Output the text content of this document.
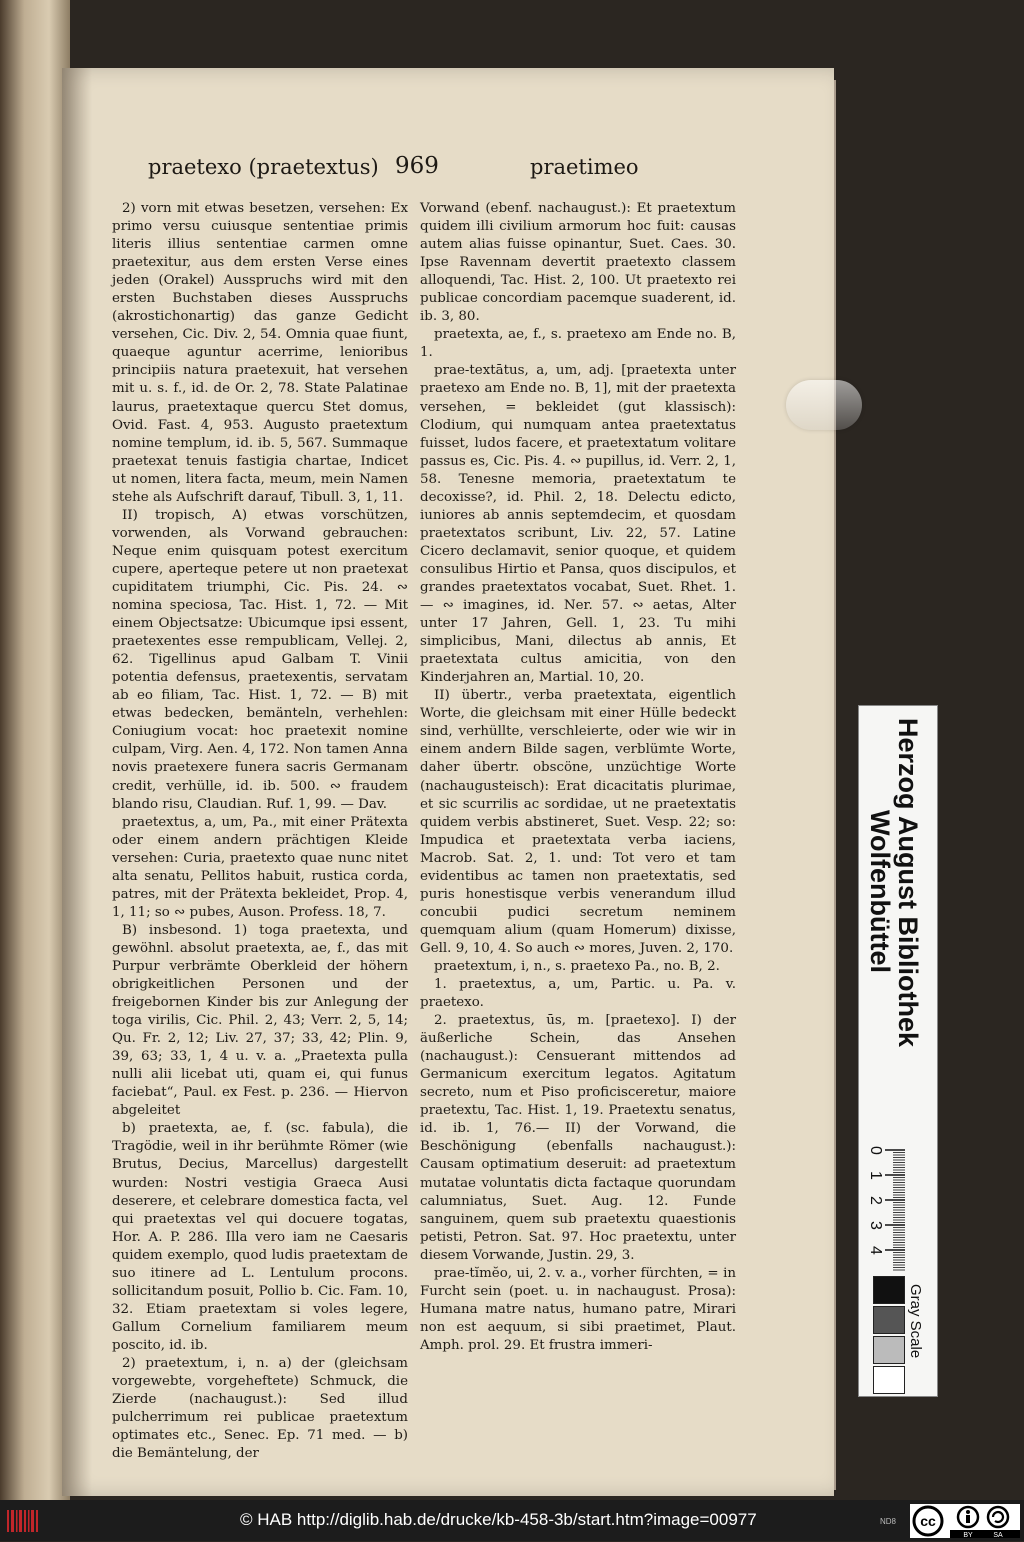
praetexo (praetextus) 969	praetimeo

2) vorn mit etwas besetzen, versehen: Ex primo versu cuiusque sententiae primis literis illius sententiae carmen omne praetexitur, aus dem ersten Verse eines jeden (Orakel) Ausspruchs wird mit den ersten Buchstaben dieses Ausspruchs (akrostichonartig) das ganze Gedicht versehen, Cic. Div. 2, 54. Omnia quae fiunt, quaeque aguntur acerrime, lenioribus principiis natura praetexuit, hat versehen mit u. s. f., id. de Or. 2, 78. State Palatinae laurus, praetextaque quercu Stet domus, Ovid. Fast. 4, 953. Augusto praetextum nomine templum, id. ib. 5, 567. Summaque praetexat tenuis fastigia chartae, Indicet ut nomen, litera facta, meum, mein Namen stehe als Aufschrift darauf, Tibull. 3, 1, 11.

II) tropisch, A) etwas vorschützen, vorwenden, als Vorwand gebrauchen: Neque enim quisquam potest exercitum cupere, aperteque petere ut non praetexat cupiditatem triumphi, Cic. Pis. 24. ∾ nomina speciosa, Tac. Hist. 1, 72. — Mit einem Objectsatze: Ubicumque ipsi essent, praetexentes esse rempublicam, Vellej. 2, 62. Tigellinus apud Galbam T. Vinii potentia defensus, praetexentis, servatam ab eo filiam, Tac. Hist. 1, 72. — B) mit etwas bedecken, bemänteln, verhehlen: Coniugium vocat: hoc praetexit nomine culpam, Virg. Aen. 4, 172. Non tamen Anna novis praetexere funera sacris Germanam credit, verhülle, id. ib. 500. ∾ fraudem blando risu, Claudian. Ruf. 1, 99. — Dav.

praetextus, a, um, Pa., mit einer Prätexta oder einem andern prächtigen Kleide versehen: Curia, praetexto quae nunc nitet alta senatu, Pellitos habuit, rustica corda, patres, mit der Prätexta bekleidet, Prop. 4, 1, 11; so ∾ pubes, Auson. Profess. 18, 7.

B) insbesond. 1) toga praetexta, und gewöhnl. absolut praetexta, ae, f., das mit Purpur verbrämte Oberkleid der höhern obrigkeitlichen Personen und der freigebornen Kinder bis zur Anlegung der toga virilis, Cic. Phil. 2, 43; Verr. 2, 5, 14; Qu. Fr. 2, 12; Liv. 27, 37; 33, 42; Plin. 9, 39, 63; 33, 1, 4 u. v. a. „Praetexta pulla nulli alii licebat uti, quam ei, qui funus faciebat“, Paul. ex Fest. p. 236. — Hiervon abgeleitet

b) praetexta, ae, f. (sc. fabula), die Tragödie, weil in ihr berühmte Römer (wie Brutus, Decius, Marcellus) dargestellt wurden: Nostri vestigia Graeca Ausi deserere, et celebrare domestica facta, vel qui praetextas vel qui docuere togatas, Hor. A. P. 286. Illa vero iam ne Caesaris quidem exemplo, quod ludis praetextam de suo itinere ad L. Lentulum procons. sollicitandum posuit, Pollio b. Cic. Fam. 10, 32. Etiam praetextam si voles legere, Gallum Cornelium familiarem meum poscito, id. ib.

2) praetextum, i, n. a) der (gleichsam vorgewebte, vorgeheftete) Schmuck, die Zierde (nachaugust.): Sed illud pulcherrimum rei publicae praetextum optimates etc., Senec. Ep. 71 med. — b) die Bemäntelung, der

Vorwand (ebenf. nachaugust.): Et praetextum quidem illi civilium armorum hoc fuit: causas autem alias fuisse opinantur, Suet. Caes. 30. Ipse Ravennam devertit praetexto classem alloquendi, Tac. Hist. 2, 100. Ut praetexto rei publicae concordiam pacemque suaderent, id. ib. 3, 80.

praetexta, ae, f., s. praetexo am Ende no. B, 1.

prae-textātus, a, um, adj. [praetexta unter praetexo am Ende no. B, 1], mit der praetexta versehen, = bekleidet (gut klassisch): Clodium, qui numquam antea praetextatus fuisset, ludos facere, et praetextatum volitare passus es, Cic. Pis. 4. ∾ pupillus, id. Verr. 2, 1, 58. Tenesne memoria, praetextatum te decoxisse?, id. Phil. 2, 18. Delectu edicto, iuniores ab annis septemdecim, et quosdam praetextatos scribunt, Liv. 22, 57. Latine Cicero declamavit, senior quoque, et quidem consulibus Hirtio et Pansa, quos discipulos, et grandes praetextatos vocabat, Suet. Rhet. 1. — ∾ imagines, id. Ner. 57. ∾ aetas, Alter unter 17 Jahren, Gell. 1, 23. Tu mihi simplicibus, Mani, dilectus ab annis, Et praetextata cultus amicitia, von den Kinderjahren an, Martial. 10, 20.

II) übertr., verba praetextata, eigentlich Worte, die gleichsam mit einer Hülle bedeckt sind, verhüllte, verschleierte, oder wie wir in einem andern Bilde sagen, verblümte Worte, daher übertr. obscöne, unzüchtige Worte (nachaugusteisch): Erat dicacitatis plurimae, et sic scurrilis ac sordidae, ut ne praetextatis quidem verbis abstineret, Suet. Vesp. 22; so: Impudica et praetextata verba iaciens, Macrob. Sat. 2, 1. und: Tot vero et tam evidentibus ac tamen non praetextatis, sed puris honestisque verbis venerandum illud concubii pudici secretum neminem quemquam alium (quam Homerum) dixisse, Gell. 9, 10, 4. So auch ∾ mores, Juven. 2, 170.

praetextum, i, n., s. praetexo Pa., no. B, 2.

1. praetextus, a, um, Partic. u. Pa. v. praetexo.

2. praetextus, ūs, m. [praetexo]. I) der äußerliche Schein, das Ansehen (nachaugust.): Censuerant mittendos ad Germanicum exercitum legatos. Agitatum secreto, num et Piso proficisceretur, maiore praetextu, Tac. Hist. 1, 19. Praetextu senatus, id. ib. 1, 76.— II) der Vorwand, die Beschönigung (ebenfalls nachaugust.): Causam optimatium deseruit: ad praetextum mutatae voluntatis dicta factaque quorundam calumniatus, Suet. Aug. 12. Funde sanguinem, quem sub praetextu quaestionis petisti, Petron. Sat. 97. Hoc praetextu, unter diesem Vorwande, Justin. 29, 3.

prae-tĭmĕo, ui, 2. v. a., vorher fürchten, = in Furcht sein (poet. u. in nachaugust. Prosa): Humana matre natus, humano patre, Mirari non est aequum, si sibi praetimet, Plaut. Amph. prol. 29. Et frustra immeri-

Herzog August Bibliothek
Wolfenbüttel
0
1
2
3
4
Gray Scale
© HAB http://diglib.hab.de/drucke/kb-458-3b/start.htm?image=00977	ND8 cc
BY	SA
